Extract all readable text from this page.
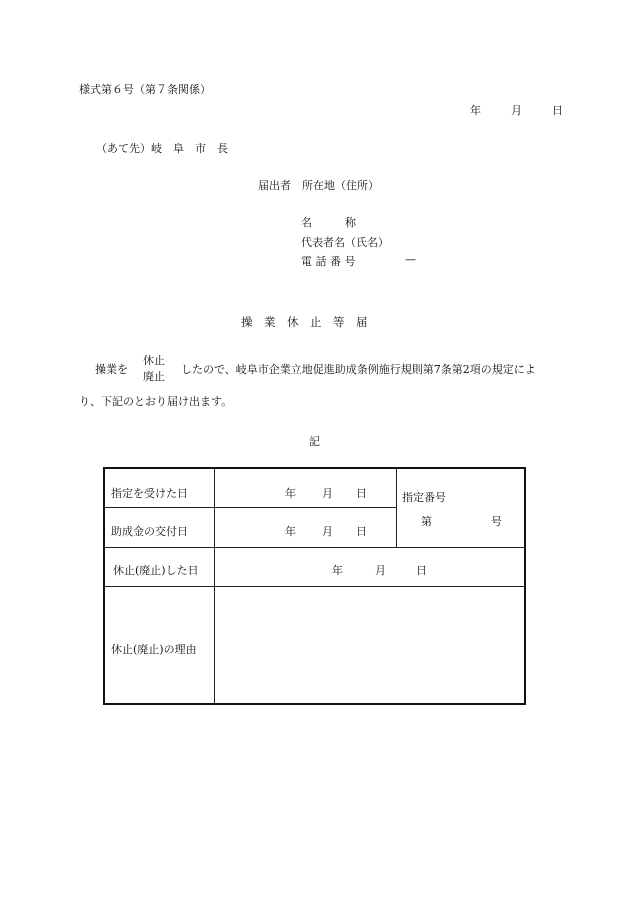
様式第６号（第７条関係）
年	月	日
（あて先）岐　阜　市　長
届出者　所在地（住所）
名　　　称
代表者名（氏名）
電 話 番 号	—
操　業　休　止　等　届
操業を
休止
廃止
したので、岐阜市企業立地促進助成条例施行規則第7条第2項の規定によ
り、下記のとおり届け出ます。
記
指定を受けた日	年 月 日
助成金の交付日	年 月 日
指定番号
第	号
休止(廃止)した日	年	月	日
休止(廃止)の理由
